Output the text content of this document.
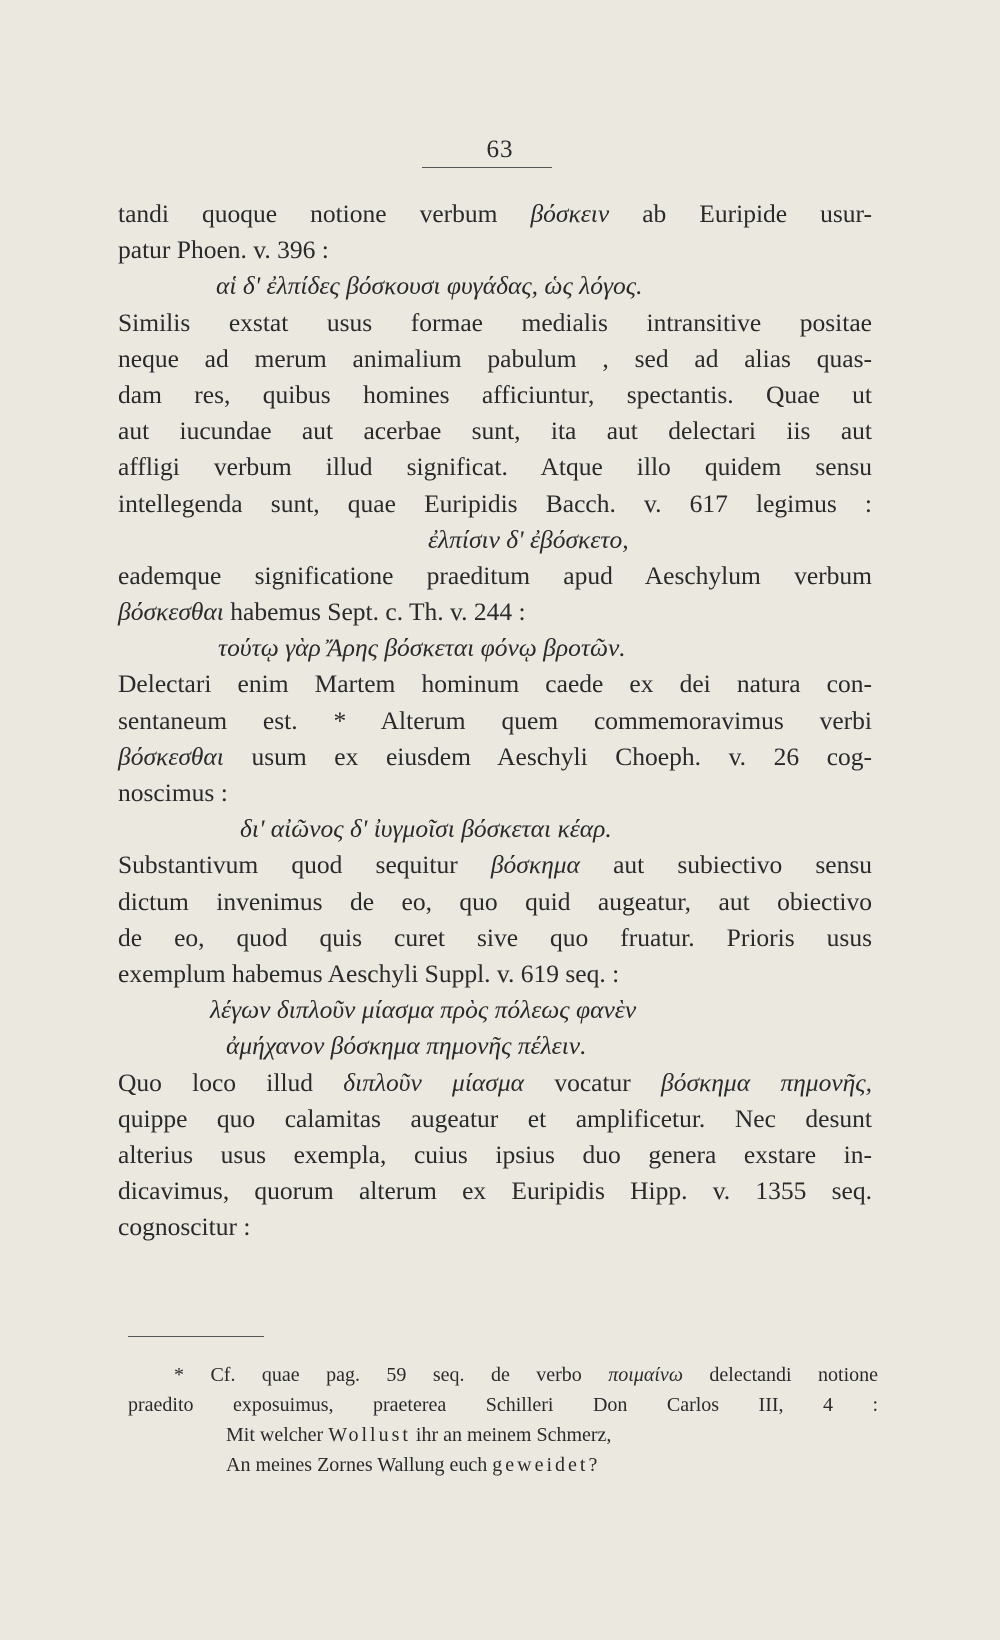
63
tandi quoque notione verbum βόσκειν ab Euripide usur-
patur Phoen. v. 396 :
αἱ δ' ἐλπίδες βόσκουσι φυγάδας, ὡς λόγος.
Similis exstat usus formae medialis intransitive positae
neque ad merum animalium pabulum , sed ad alias quas-
dam res, quibus homines afficiuntur, spectantis. Quae ut
aut iucundae aut acerbae sunt, ita aut delectari iis aut
affligi verbum illud significat. Atque illo quidem sensu
intellegenda sunt, quae Euripidis Bacch. v. 617 legimus :
ἐλπίσιν δ' ἐβόσκετο,
eademque significatione praeditum apud Aeschylum verbum
βόσκεσθαι habemus Sept. c. Th. v. 244 :
τούτῳ γὰρ Ἄρης βόσκεται φόνῳ βροτῶν.
Delectari enim Martem hominum caede ex dei natura con-
sentaneum est. * Alterum quem commemoravimus verbi
βόσκεσθαι usum ex eiusdem Aeschyli Choeph. v. 26 cog-
noscimus :
δι' αἰῶνος δ' ἰυγμοῖσι βόσκεται κέαρ.
Substantivum quod sequitur βόσκημα aut subiectivo sensu
dictum invenimus de eo, quo quid augeatur, aut obiectivo
de eo, quod quis curet sive quo fruatur. Prioris usus
exemplum habemus Aeschyli Suppl. v. 619 seq. :
λέγων διπλοῦν μίασμα πρὸς πόλεως φανὲν
ἀμήχανον βόσκημα πημονῆς πέλειν.
Quo loco illud διπλοῦν μίασμα vocatur βόσκημα πημονῆς,
quippe quo calamitas augeatur et amplificetur. Nec desunt
alterius usus exempla, cuius ipsius duo genera exstare in-
dicavimus, quorum alterum ex Euripidis Hipp. v. 1355 seq.
cognoscitur :
* Cf. quae pag. 59 seq. de verbo ποιμαίνω delectandi notione
praedito exposuimus, praeterea Schilleri Don Carlos III, 4 :
Mit welcher Wollust ihr an meinem Schmerz,
An meines Zornes Wallung euch geweidet?
